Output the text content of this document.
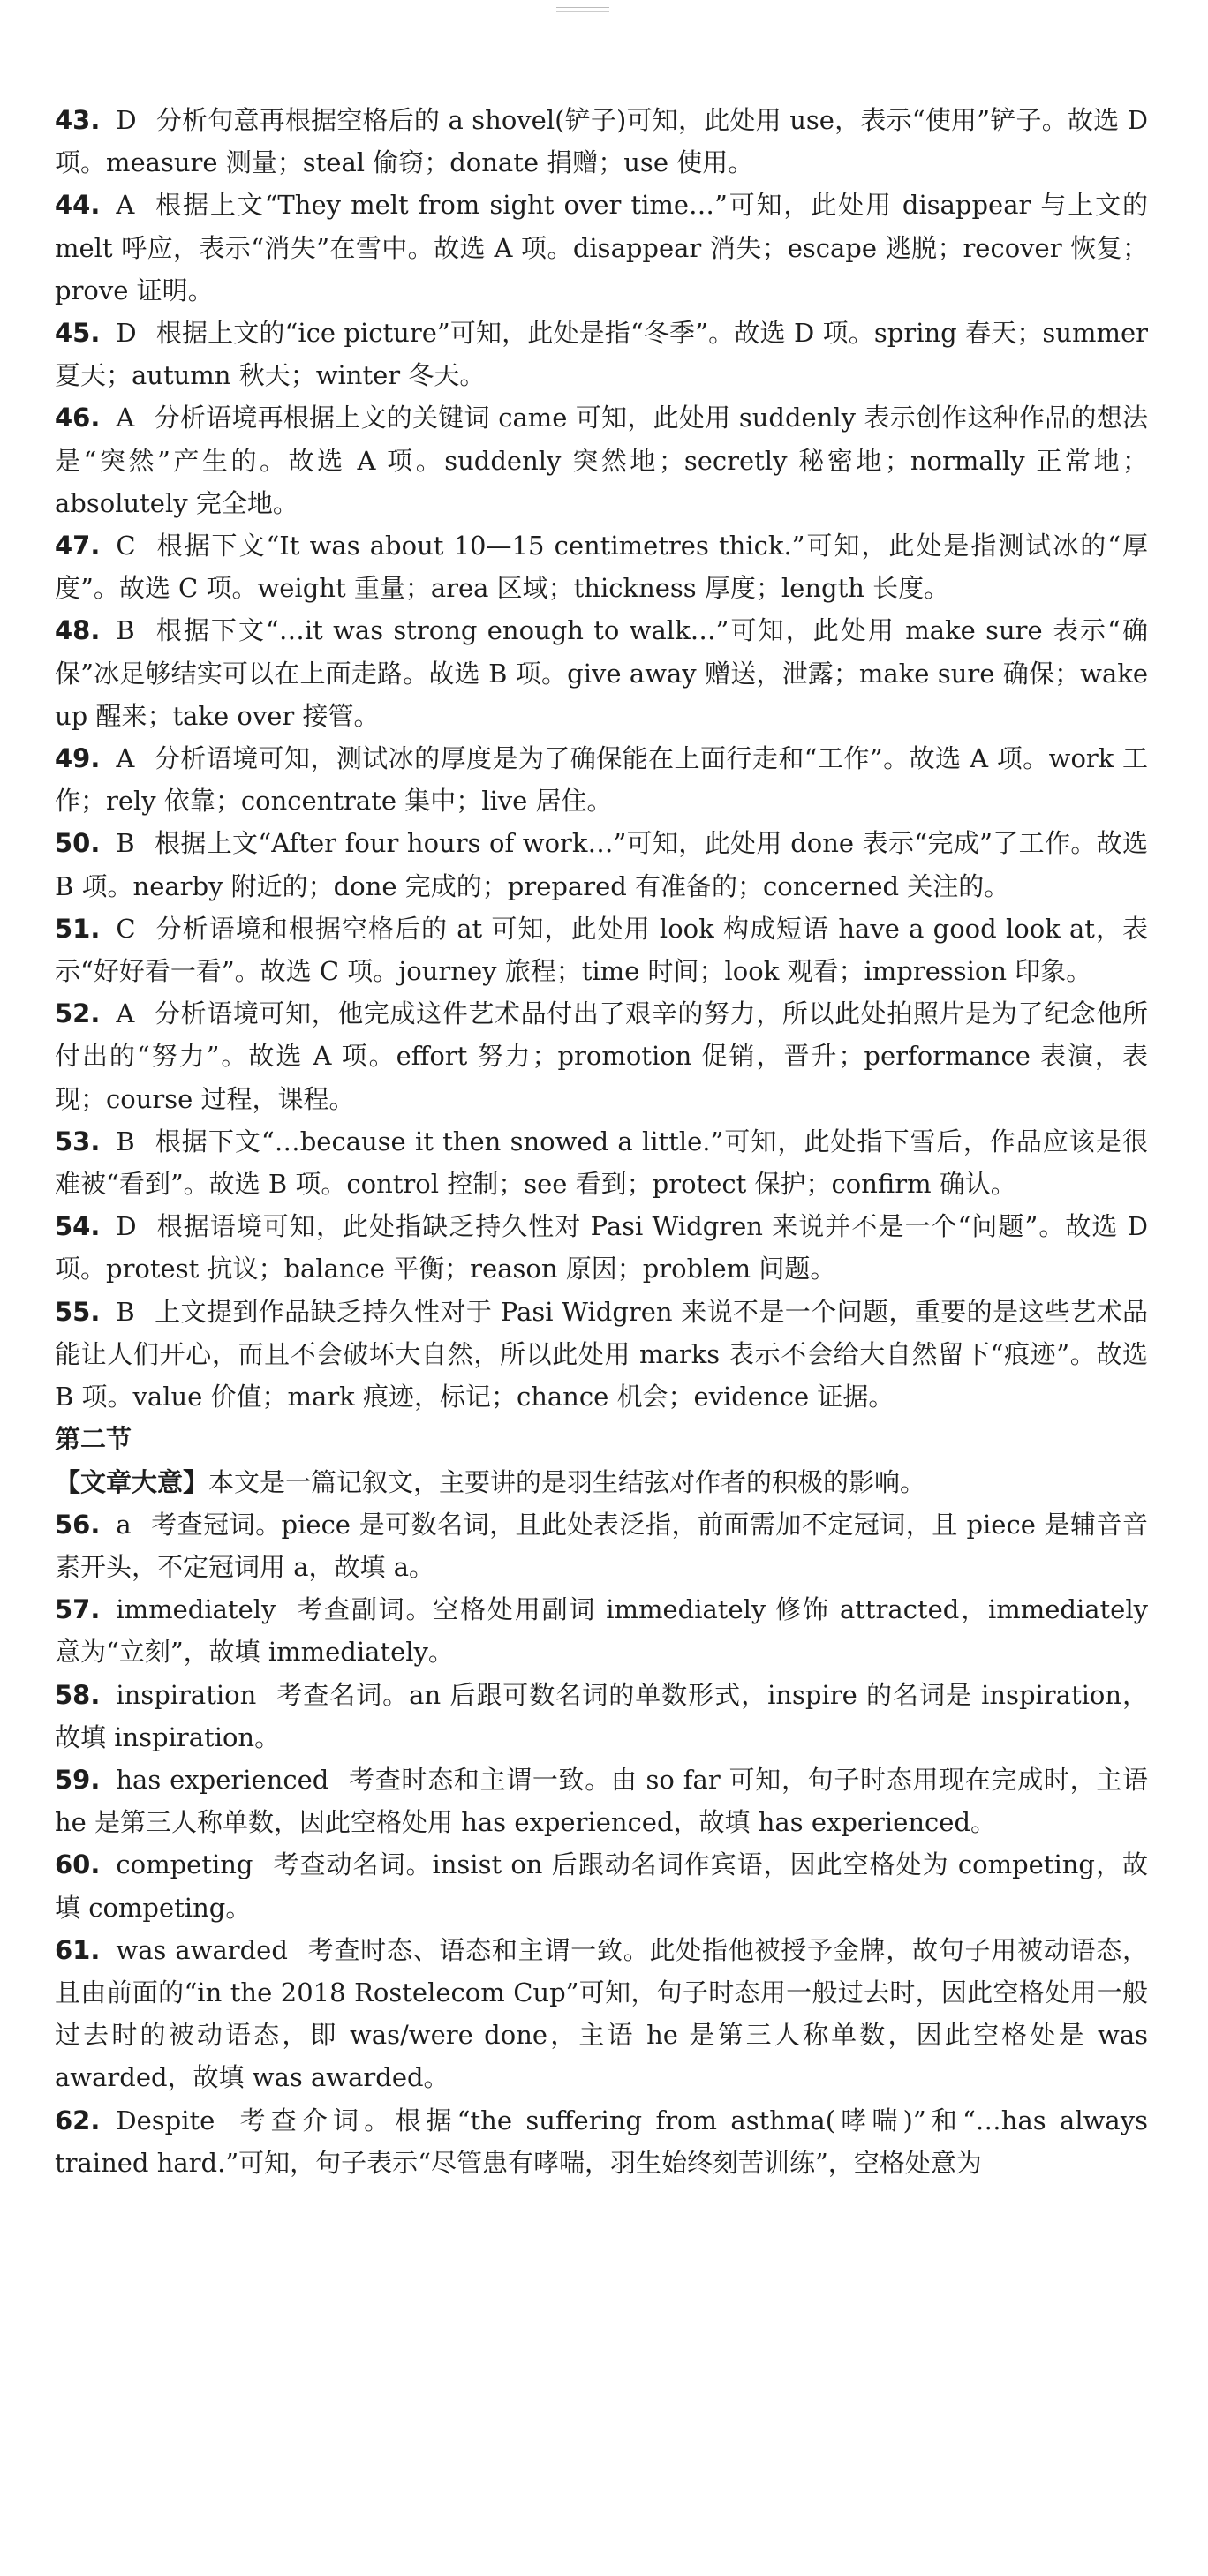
43. D 分析句意再根据空格后的 a shovel(铲子)可知，此处用 use，表示“使用”铲子。故选 D 项。measure 测量；steal 偷窃；donate 捐赠；use 使用。

44. A 根据上文“They melt from sight over time…”可知，此处用 disappear 与上文的 melt 呼应，表示“消失”在雪中。故选 A 项。disappear 消失；escape 逃脱；recover 恢复；prove 证明。

45. D 根据上文的“ice picture”可知，此处是指“冬季”。故选 D 项。spring 春天；summer 夏天；autumn 秋天；winter 冬天。

46. A 分析语境再根据上文的关键词 came 可知，此处用 suddenly 表示创作这种作品的想法是“突然”产生的。故选 A 项。suddenly 突然地；secretly 秘密地；normally 正常地；absolutely 完全地。

47. C 根据下文“It was about 10—15 centimetres thick.”可知，此处是指测试冰的“厚度”。故选 C 项。weight 重量；area 区域；thickness 厚度；length 长度。

48. B 根据下文“…it was strong enough to walk…”可知，此处用 make sure 表示“确保”冰足够结实可以在上面走路。故选 B 项。give away 赠送，泄露；make sure 确保；wake up 醒来；take over 接管。

49. A 分析语境可知，测试冰的厚度是为了确保能在上面行走和“工作”。故选 A 项。work 工作；rely 依靠；concentrate 集中；live 居住。

50. B 根据上文“After four hours of work…”可知，此处用 done 表示“完成”了工作。故选 B 项。nearby 附近的；done 完成的；prepared 有准备的；concerned 关注的。

51. C 分析语境和根据空格后的 at 可知，此处用 look 构成短语 have a good look at，表示“好好看一看”。故选 C 项。journey 旅程；time 时间；look 观看；impression 印象。

52. A 分析语境可知，他完成这件艺术品付出了艰辛的努力，所以此处拍照片是为了纪念他所付出的“努力”。故选 A 项。effort 努力；promotion 促销，晋升；performance 表演，表现；course 过程，课程。

53. B 根据下文“…because it then snowed a little.”可知，此处指下雪后，作品应该是很难被“看到”。故选 B 项。control 控制；see 看到；protect 保护；confirm 确认。

54. D 根据语境可知，此处指缺乏持久性对 Pasi Widgren 来说并不是一个“问题”。故选 D 项。protest 抗议；balance 平衡；reason 原因；problem 问题。

55. B 上文提到作品缺乏持久性对于 Pasi Widgren 来说不是一个问题，重要的是这些艺术品能让人们开心，而且不会破坏大自然，所以此处用 marks 表示不会给大自然留下“痕迹”。故选 B 项。value 价值；mark 痕迹，标记；chance 机会；evidence 证据。

第二节

【文章大意】本文是一篇记叙文，主要讲的是羽生结弦对作者的积极的影响。

56. a 考查冠词。piece 是可数名词，且此处表泛指，前面需加不定冠词，且 piece 是辅音音素开头，不定冠词用 a，故填 a。

57. immediately 考查副词。空格处用副词 immediately 修饰 attracted，immediately 意为“立刻”，故填 immediately。

58. inspiration 考查名词。an 后跟可数名词的单数形式，inspire 的名词是 inspiration，故填 inspiration。

59. has experienced 考查时态和主谓一致。由 so far 可知，句子时态用现在完成时，主语 he 是第三人称单数，因此空格处用 has experienced，故填 has experienced。

60. competing 考查动名词。insist on 后跟动名词作宾语，因此空格处为 competing，故填 competing。

61. was awarded 考查时态、语态和主谓一致。此处指他被授予金牌，故句子用被动语态，且由前面的“in the 2018 Rostelecom Cup”可知，句子时态用一般过去时，因此空格处用一般过去时的被动语态，即 was/were done，主语 he 是第三人称单数，因此空格处是 was awarded，故填 was awarded。

62. Despite 考查介词。根据“the suffering from asthma(哮喘)”和“…has always trained hard.”可知，句子表示“尽管患有哮喘，羽生始终刻苦训练”，空格处意为
